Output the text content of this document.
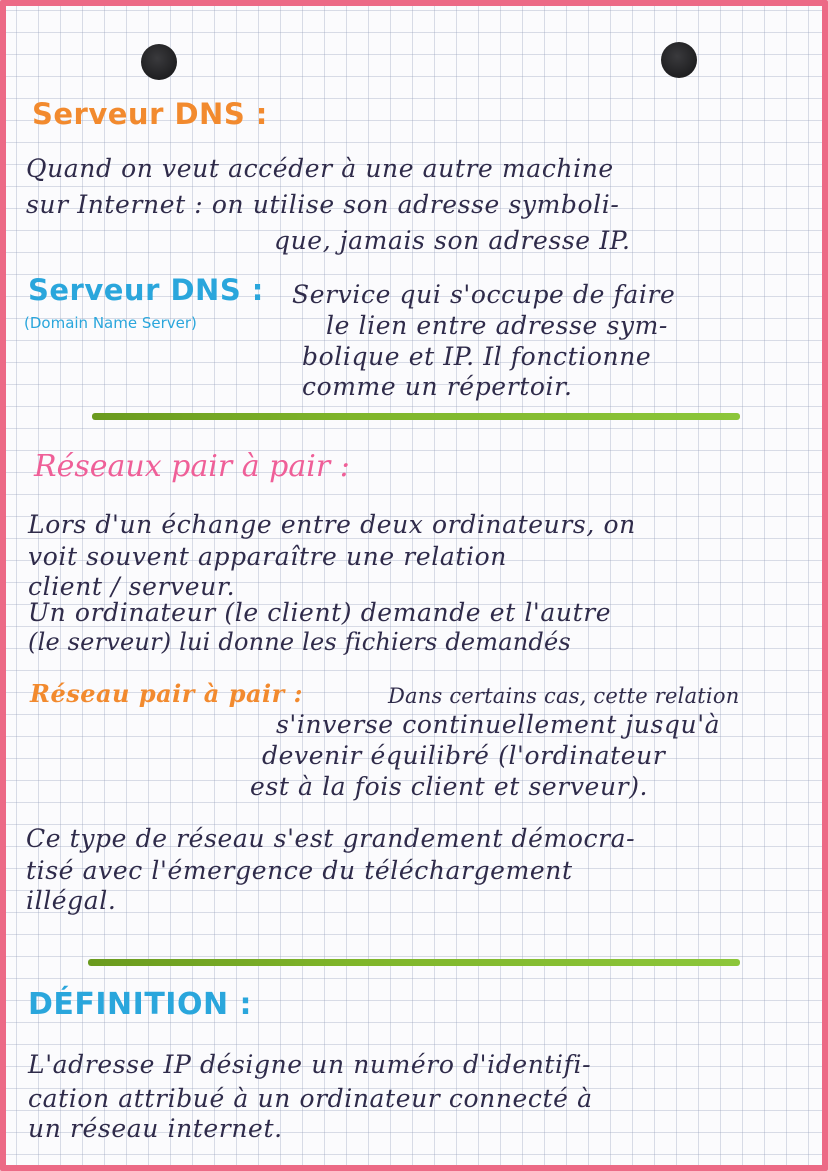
Serveur DNS :
Quand on veut accéder à une autre machine
sur Internet : on utilise son adresse symboli-
que, jamais son adresse IP.
Serveur DNS :
(Domain Name Server)
Service qui s'occupe de faire
le lien entre adresse sym-
bolique et IP. Il fonctionne
comme un répertoir.
Réseaux pair à pair :
Lors d'un échange entre deux ordinateurs, on
voit souvent apparaître une relation
client / serveur.
Un ordinateur (le client) demande et l'autre
(le serveur) lui donne les fichiers demandés
Réseau pair à pair :	Dans certains cas, cette relation
s'inverse continuellement jusqu'à
devenir équilibré (l'ordinateur
est à la fois client et serveur).
Ce type de réseau s'est grandement démocra-
tisé avec l'émergence du téléchargement
illégal.
DÉFINITION :
L'adresse IP désigne un numéro d'identifi-
cation attribué à un ordinateur connecté à
un réseau internet.
